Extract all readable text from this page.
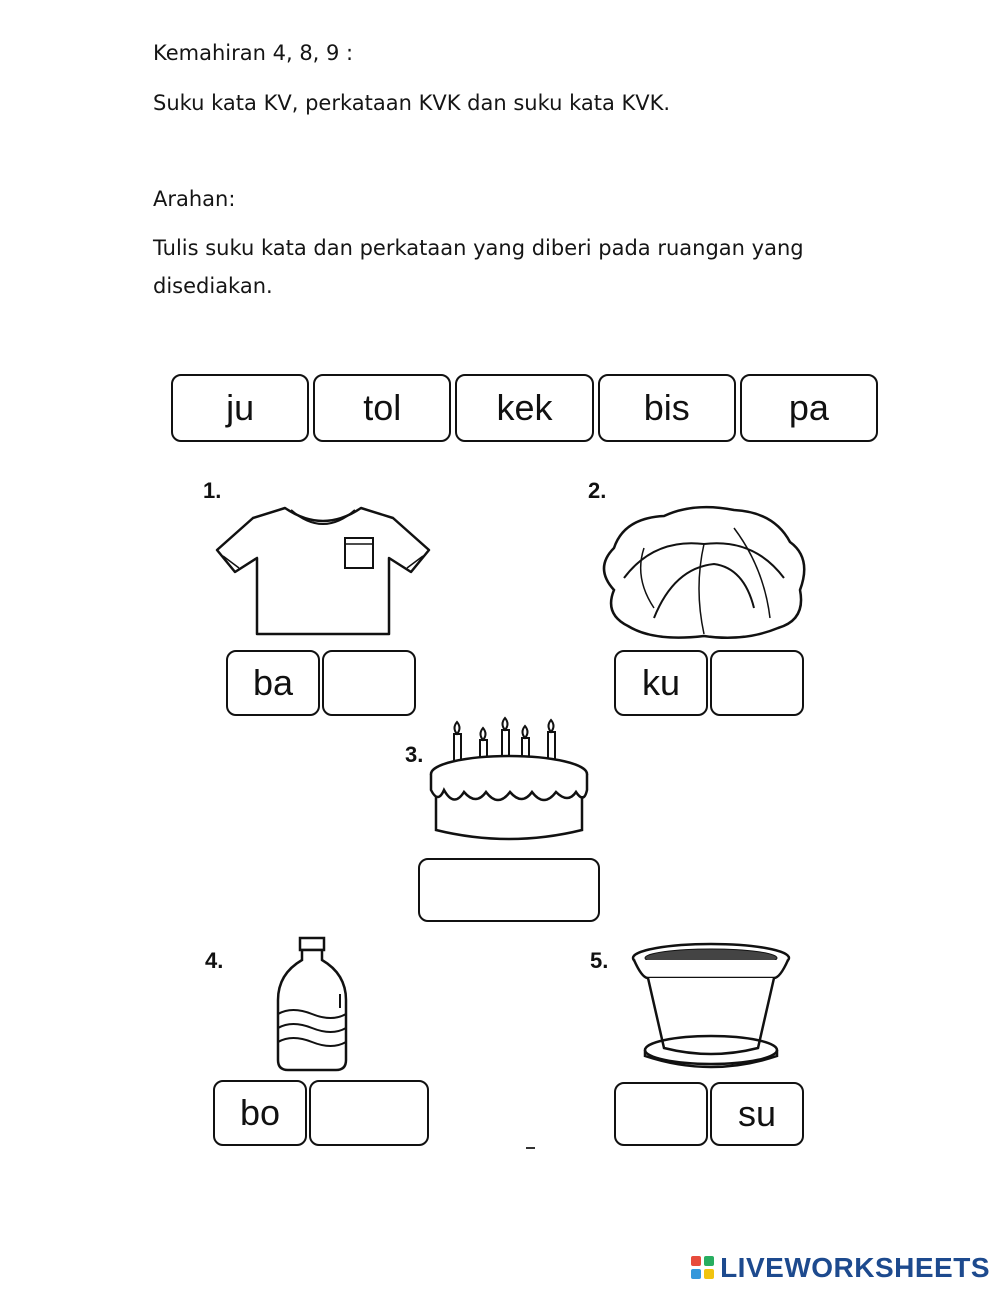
Kemahiran 4, 8, 9 :
Suku kata KV, perkataan KVK dan suku kata KVK.
Arahan:
Tulis suku kata dan perkataan yang diberi pada ruangan yang disediakan.
ju	tol	kek	bis	pa
1.
ba
2.
ku
3.
4.
bo
5.
su
LIVEWORKSHEETS
